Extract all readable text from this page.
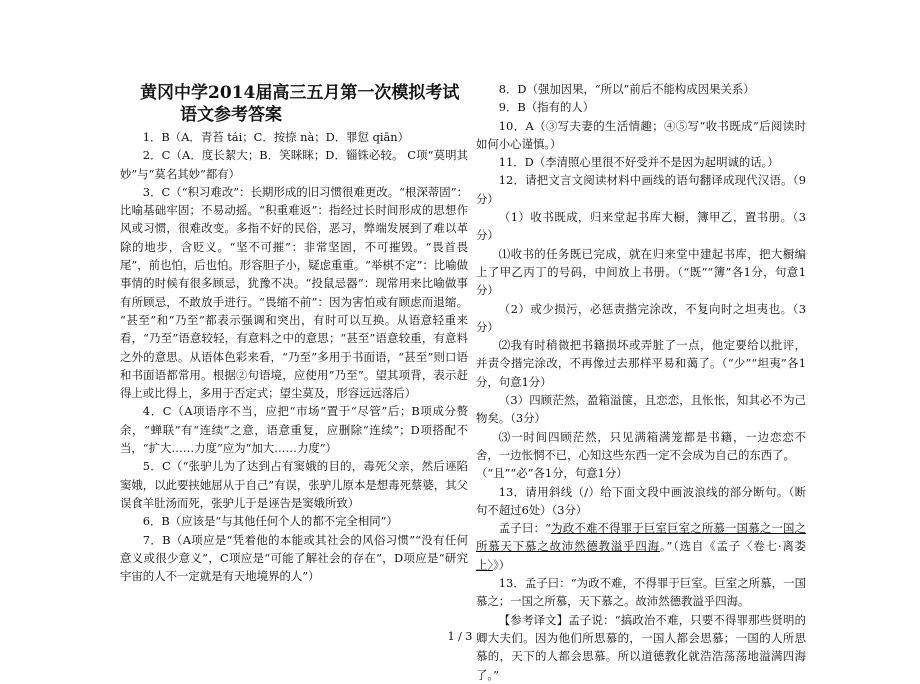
黄冈中学2014届高三五月第一次模拟考试
语文参考答案

1．B（A．青苔 tái；C．按捺 nà；D．罪愆 qiān）

2．C（A．度长絜大；B．笑眯眯；D．锱铢必较。 C项“莫明其妙”与“莫名其妙”都有）

3．C（“积习难改”：长期形成的旧习惯很难更改。“根深蒂固”：比喻基础牢固；不易动摇。“积重难返”：指经过长时间形成的思想作风或习惯，很难改变。多指不好的民俗，恶习，弊端发展到了难以革除的地步，含贬义。“坚不可摧”：非常坚固，不可摧毁。“畏首畏尾”，前也怕，后也怕。形容胆子小，疑虑重重。“举棋不定”：比喻做事情的时候有很多顾忌，犹豫不决。“投鼠忌器”：现常用来比喻做事有所顾忌，不敢放手进行。“畏缩不前”：因为害怕或有顾虑而退缩。 “甚至”和“乃至”都表示强调和突出，有时可以互换。从语意轻重来看，“乃至”语意较轻，有意料之中的意思；“甚至”语意较重，有意料之外的意思。从语体色彩来看，“乃至”多用于书面语，“甚至”则口语和书面语都常用。根据②句语境，应使用“乃至”。望其项背，表示赶得上或比得上，多用于否定式；望尘莫及，形容远远落后）

4．C（A项语序不当，应把“市场”置于“尽管”后；B项成分赘余，“蝉联”有“连续”之意，语意重复，应删除“连续”；D项搭配不当，“扩大……力度”应为“加大……力度”）

5．C（“张驴儿为了达到占有窦娥的目的，毒死父亲，然后诬陷窦娥，以此要挟她屈从于自己”有误，张驴儿原本是想毒死蔡婆，其父误食羊肚汤而死，张驴儿于是诬告是窦娥所致）

6．B（应该是“与其他任何个人的都不完全相同”）

7．B（A项应是“凭着他的本能或其社会的风俗习惯”“没有任何意义或很少意义”，C项应是“可能了解社会的存在”，D项应是“研究宇宙的人不一定就是有天地境界的人”）

8．D（强加因果，“所以”前后不能构成因果关系）

9．B（指有的人）

10．A（③写夫妻的生活情趣；④⑤写“收书既成”后阅读时如何小心谨慎。）

11．D（李清照心里很不好受并不是因为起明诚的话。）

12．请把文言文阅读材料中画线的语句翻译成现代汉语。（9分）

（1）收书既成，归来堂起书库大橱，簿甲乙，置书册。（3分）

⑴收书的任务既已完成，就在归来堂中建起书库，把大橱编上了甲乙丙丁的号码，中间放上书册。（“既”“簿”各1分，句意1分）

（2）或少损污，必惩责揩完涂改，不复向时之坦夷也。（3分）

⑵我有时稍微把书籍损坏或弄脏了一点，他定要给以批评，并责令揩完涂改，不再像过去那样平易和蔼了。（“少”“坦夷”各1分，句意1分）

（3）四顾茫然，盈箱溢箧，且恋恋，且怅怅，知其必不为己物矣。（3分）

⑶一时间四顾茫然，只见满箱满笼都是书籍，一边恋恋不舍，一边怅惘不已，心知这些东西一定不会成为自己的东西了。

（“且”“必”各1分，句意1分）

13．请用斜线（/）给下面文段中画波浪线的部分断句。（断句不超过6处）（3分）

孟子曰：“为政不难不得罪于巨室巨室之所慕一国慕之一国之所慕天下慕之故沛然德教溢乎四海。”（选自《孟子〈卷七·离娄上〉》）

13．孟子曰：“为政不难，不得罪于巨室。巨室之所慕，一国慕之；一国之所慕，天下慕之。故沛然德教溢乎四海。

【参考译文】孟子说：“搞政治不难，只要不得罪那些贤明的卿大夫们。因为他们所思慕的，一国人都会思慕；一国的人所思慕的，天下的人都会思慕。所以道德教化就浩浩荡荡地溢满四海了。”

1 / 3
